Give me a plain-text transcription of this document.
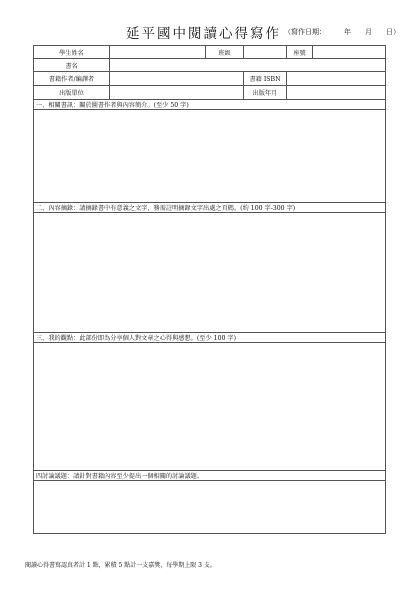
延平國中閱讀心得寫作 （寫作日期：	年 月 日）
學生姓名		班級		座號	
書名					
書籍作者/編譯者			書籍 ISBN		
出版單位			出版年月		
一、相關書訊：關於圖書作者與內容簡介。(至少 50 字)					

二、內容摘錄：請摘錄書中有意義之文字，務需註明摘錄文字出處之頁碼。(約 100 字-300 字)					

三、我的觀點：此部份即為分享個人對文章之心得與感想。(至少 100 字)					

四討論議題：請針對書籍內容至少提出一個相關的討論議題。					

閱讀心得書寫認真者計 1 點，累積 5 點計一支嘉獎，每學期上限 3 支。
